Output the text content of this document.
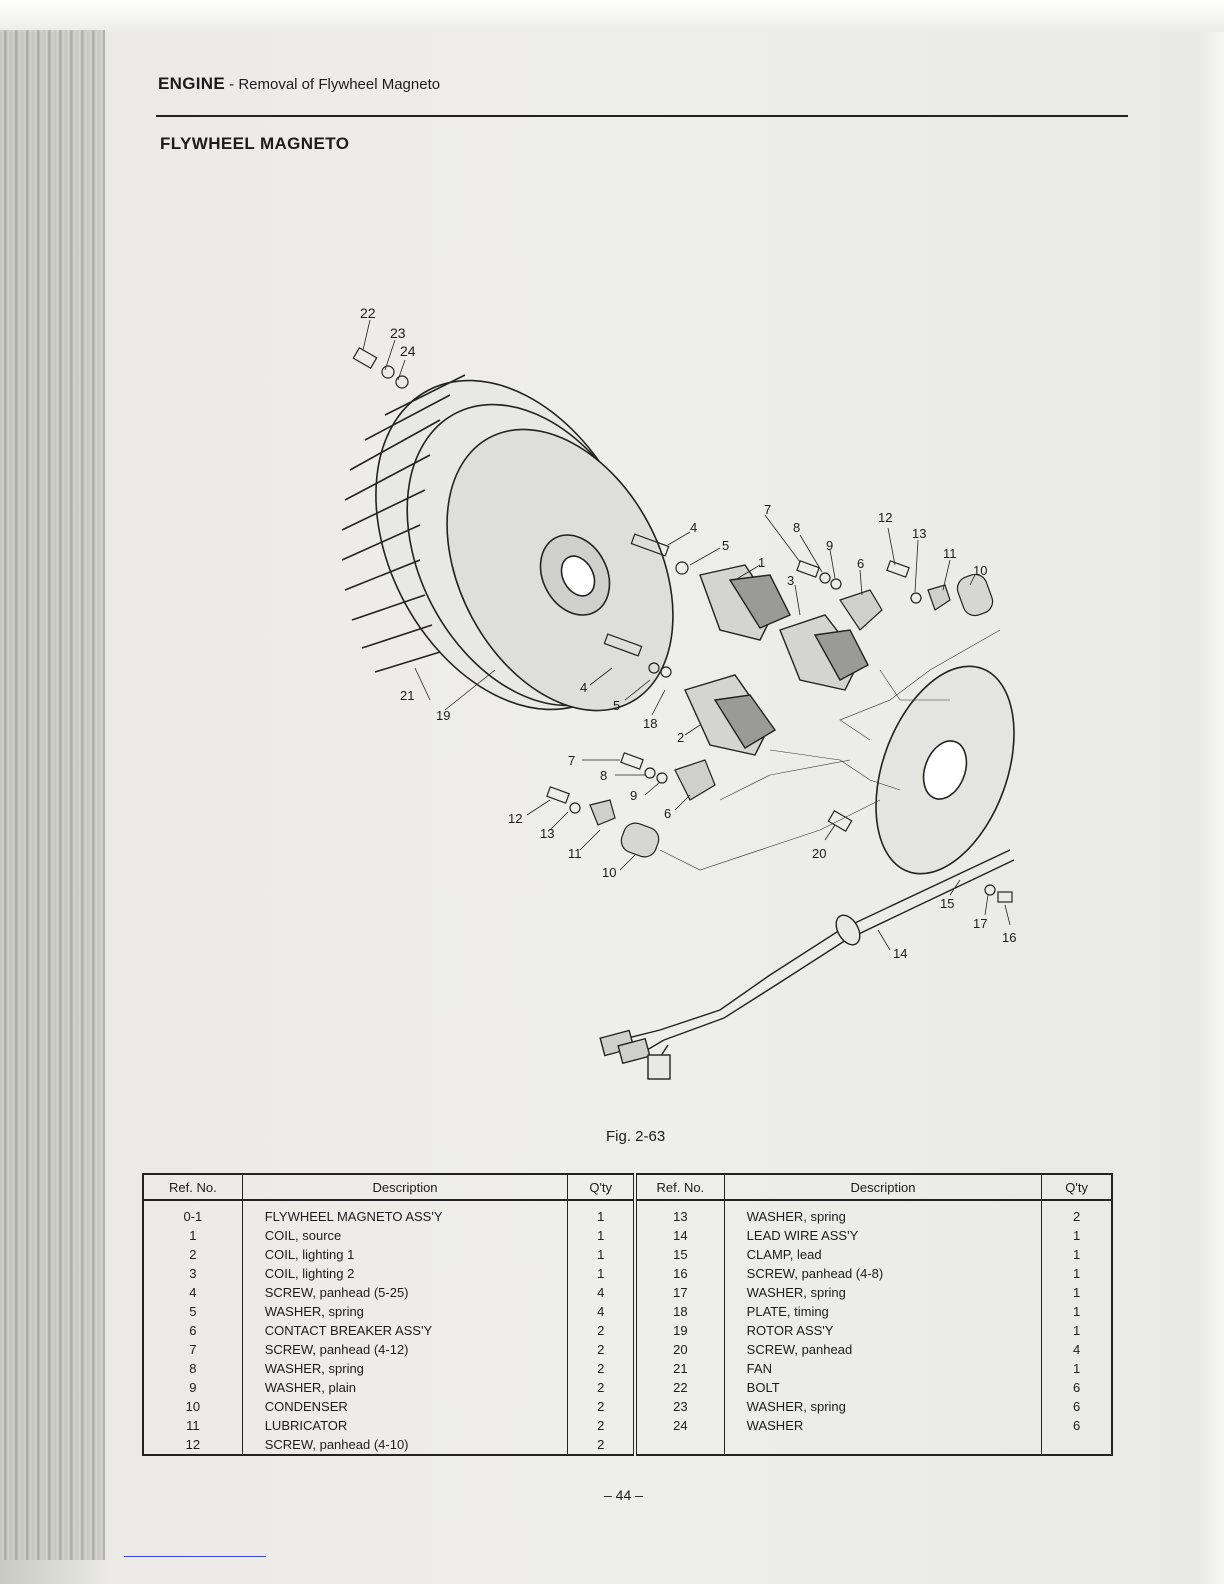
ENGINE - Removal of Flywheel Magneto
FLYWHEEL MAGNETO
22
23
24
7
8
9
6
12
13
11
10
4
5
1
3
21
19
4
5
18
2
7
8
9
6
12
13
11
10
20
15
17
16
14
Fig. 2-63
Ref. No.	Description	Q'ty	Ref. No.	Description	Q'ty
0-1	FLYWHEEL MAGNETO ASS'Y	1	13	WASHER, spring	2
1	COIL, source	1	14	LEAD WIRE ASS'Y	1
2	COIL, lighting 1	1	15	CLAMP, lead	1
3	COIL, lighting 2	1	16	SCREW, panhead (4-8)	1
4	SCREW, panhead (5-25)	4	17	WASHER, spring	1
5	WASHER, spring	4	18	PLATE, timing	1
6	CONTACT BREAKER ASS'Y	2	19	ROTOR ASS'Y	1
7	SCREW, panhead (4-12)	2	20	SCREW, panhead	4
8	WASHER, spring	2	21	FAN	1
9	WASHER, plain	2	22	BOLT	6
10	CONDENSER	2	23	WASHER, spring	6
11	LUBRICATOR	2	24	WASHER	6
12	SCREW, panhead (4-10)	2			
– 44 –
